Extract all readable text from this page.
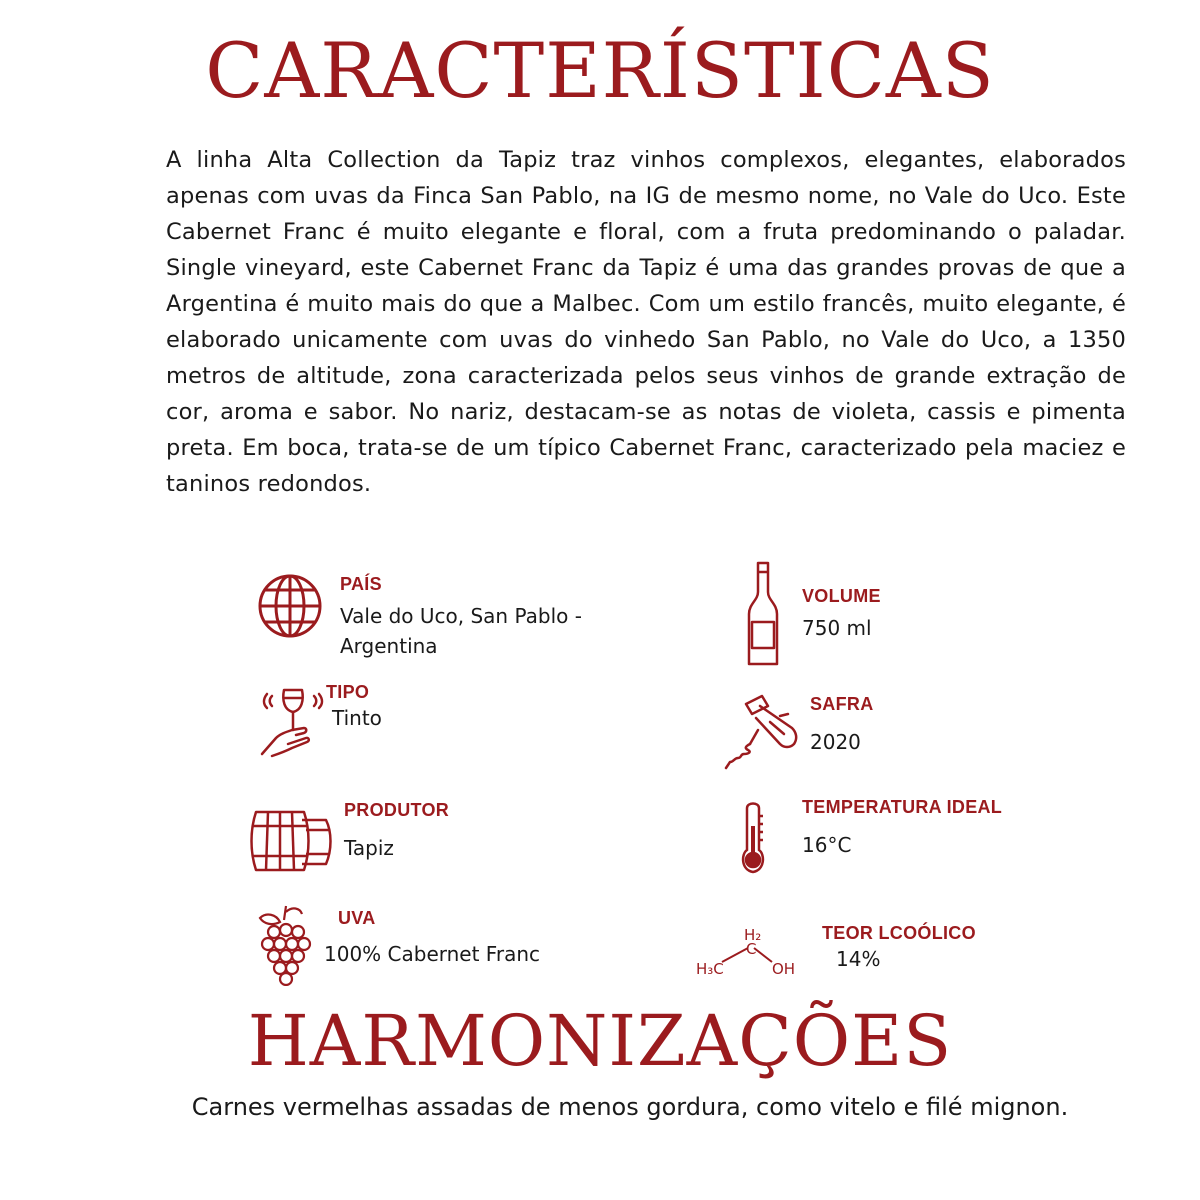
CARACTERÍSTICAS

A linha Alta Collection da Tapiz traz vinhos complexos, elegantes, elaborados apenas com uvas da Finca San Pablo, na IG de mesmo nome, no Vale do Uco. Este Cabernet Franc é muito elegante e floral, com a fruta predominando o paladar. Single vineyard, este Cabernet Franc da Tapiz é uma das grandes provas de que a Argentina é muito mais do que a Malbec. Com um estilo francês, muito elegante, é elaborado unicamente com uvas do vinhedo San Pablo, no Vale do Uco, a 1350 metros de altitude, zona caracterizada pelos seus vinhos de grande extração de cor, aroma e sabor. No nariz, destacam-se as notas de violeta, cassis e pimenta preta. Em boca, trata-se de um típico Cabernet Franc, caracterizado pela maciez e taninos redondos.

PAÍS
Vale do Uco, San Pablo - Argentina
VOLUME
750 ml
TIPO
Tinto
SAFRA
2020
PRODUTOR
Tapiz
TEMPERATURA IDEAL
16°C
UVA
100% Cabernet Franc
H₂
C
H₃C	OH
TEOR LCOÓLICO
14%
HARMONIZAÇÕES

Carnes vermelhas assadas de menos gordura, como vitelo e filé mignon.
